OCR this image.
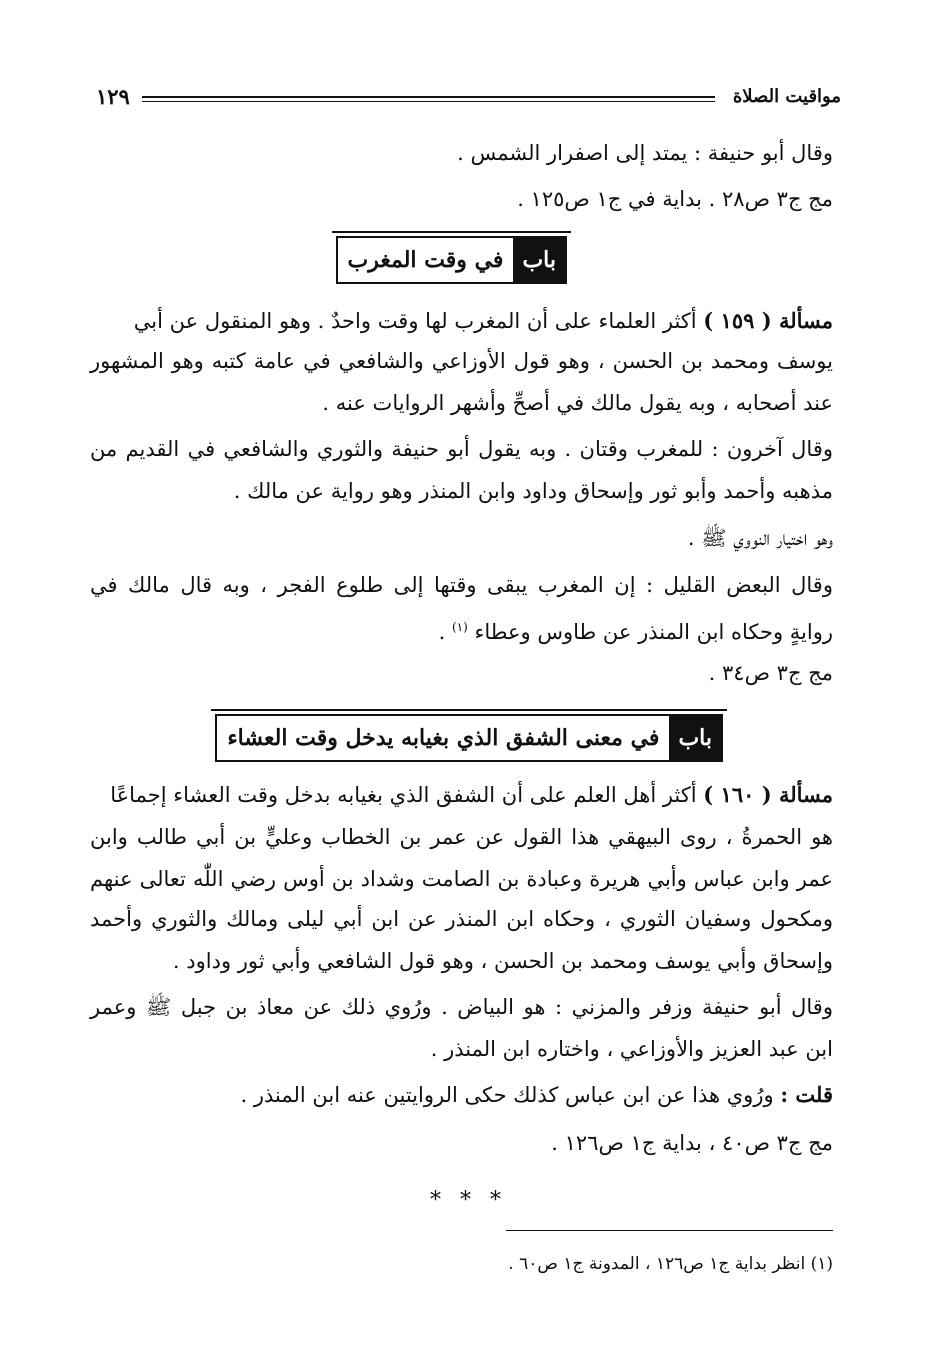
مواقيت الصلاة
١٢٩
وقال أبو حنيفة : يمتد إلى اصفرار الشمس .
مج ج٣ ص٢٨ . بداية في ج١ ص١٢٥ .
باب
في وقت المغرب
مسألة ( ١٥٩ ) أكثر العلماء على أن المغرب لها وقت واحدٌ . وهو المنقول عن أبي
يوسف ومحمد بن الحسن ، وهو قول الأوزاعي والشافعي في عامة كتبه وهو المشهور
عند أصحابه ، وبه يقول مالك في أصحِّ وأشهر الروايات عنه .
وقال آخرون : للمغرب وقتان . وبه يقول أبو حنيفة والثوري والشافعي في القديم من
مذهبه وأحمد وأبو ثور وإسحاق وداود وابن المنذر وهو رواية عن مالك .
وهو اختيار النووي ﷺ .
وقال البعض القليل : إن المغرب يبقى وقتها إلى طلوع الفجر ، وبه قال مالك في
روايةٍ وحكاه ابن المنذر عن طاوس وعطاء $^{(١)}$ .
مج ج٣ ص٣٤ .
باب
في معنى الشفق الذي بغيابه يدخل وقت العشاء
مسألة ( ١٦٠ ) أكثر أهل العلم على أن الشفق الذي بغيابه بدخل وقت العشاء إجماعًا
هو الحمرةُ ، روى البيهقي هذا القول عن عمر بن الخطاب وعليٍّ بن أبي طالب وابن
عمر وابن عباس وأبي هريرة وعبادة بن الصامت وشداد بن أوس رضي اللّٰه تعالى عنهم
ومكحول وسفيان الثوري ، وحكاه ابن المنذر عن ابن أبي ليلى ومالك والثوري وأحمد
وإسحاق وأبي يوسف ومحمد بن الحسن ، وهو قول الشافعي وأبي ثور وداود .
وقال أبو حنيفة وزفر والمزني : هو البياض . ورُوي ذلك عن معاذ بن جبل ﷺ وعمر
ابن عبد العزيز والأوزاعي ، واختاره ابن المنذر .
قلت : ورُوي هذا عن ابن عباس كذلك حكى الروايتين عنه ابن المنذر .
مج ج٣ ص٤٠ ، بداية ج١ ص١٢٦ .
* * *
(١) انظر بداية ج١ ص١٢٦ ، المدونة ج١ ص٦٠ .
